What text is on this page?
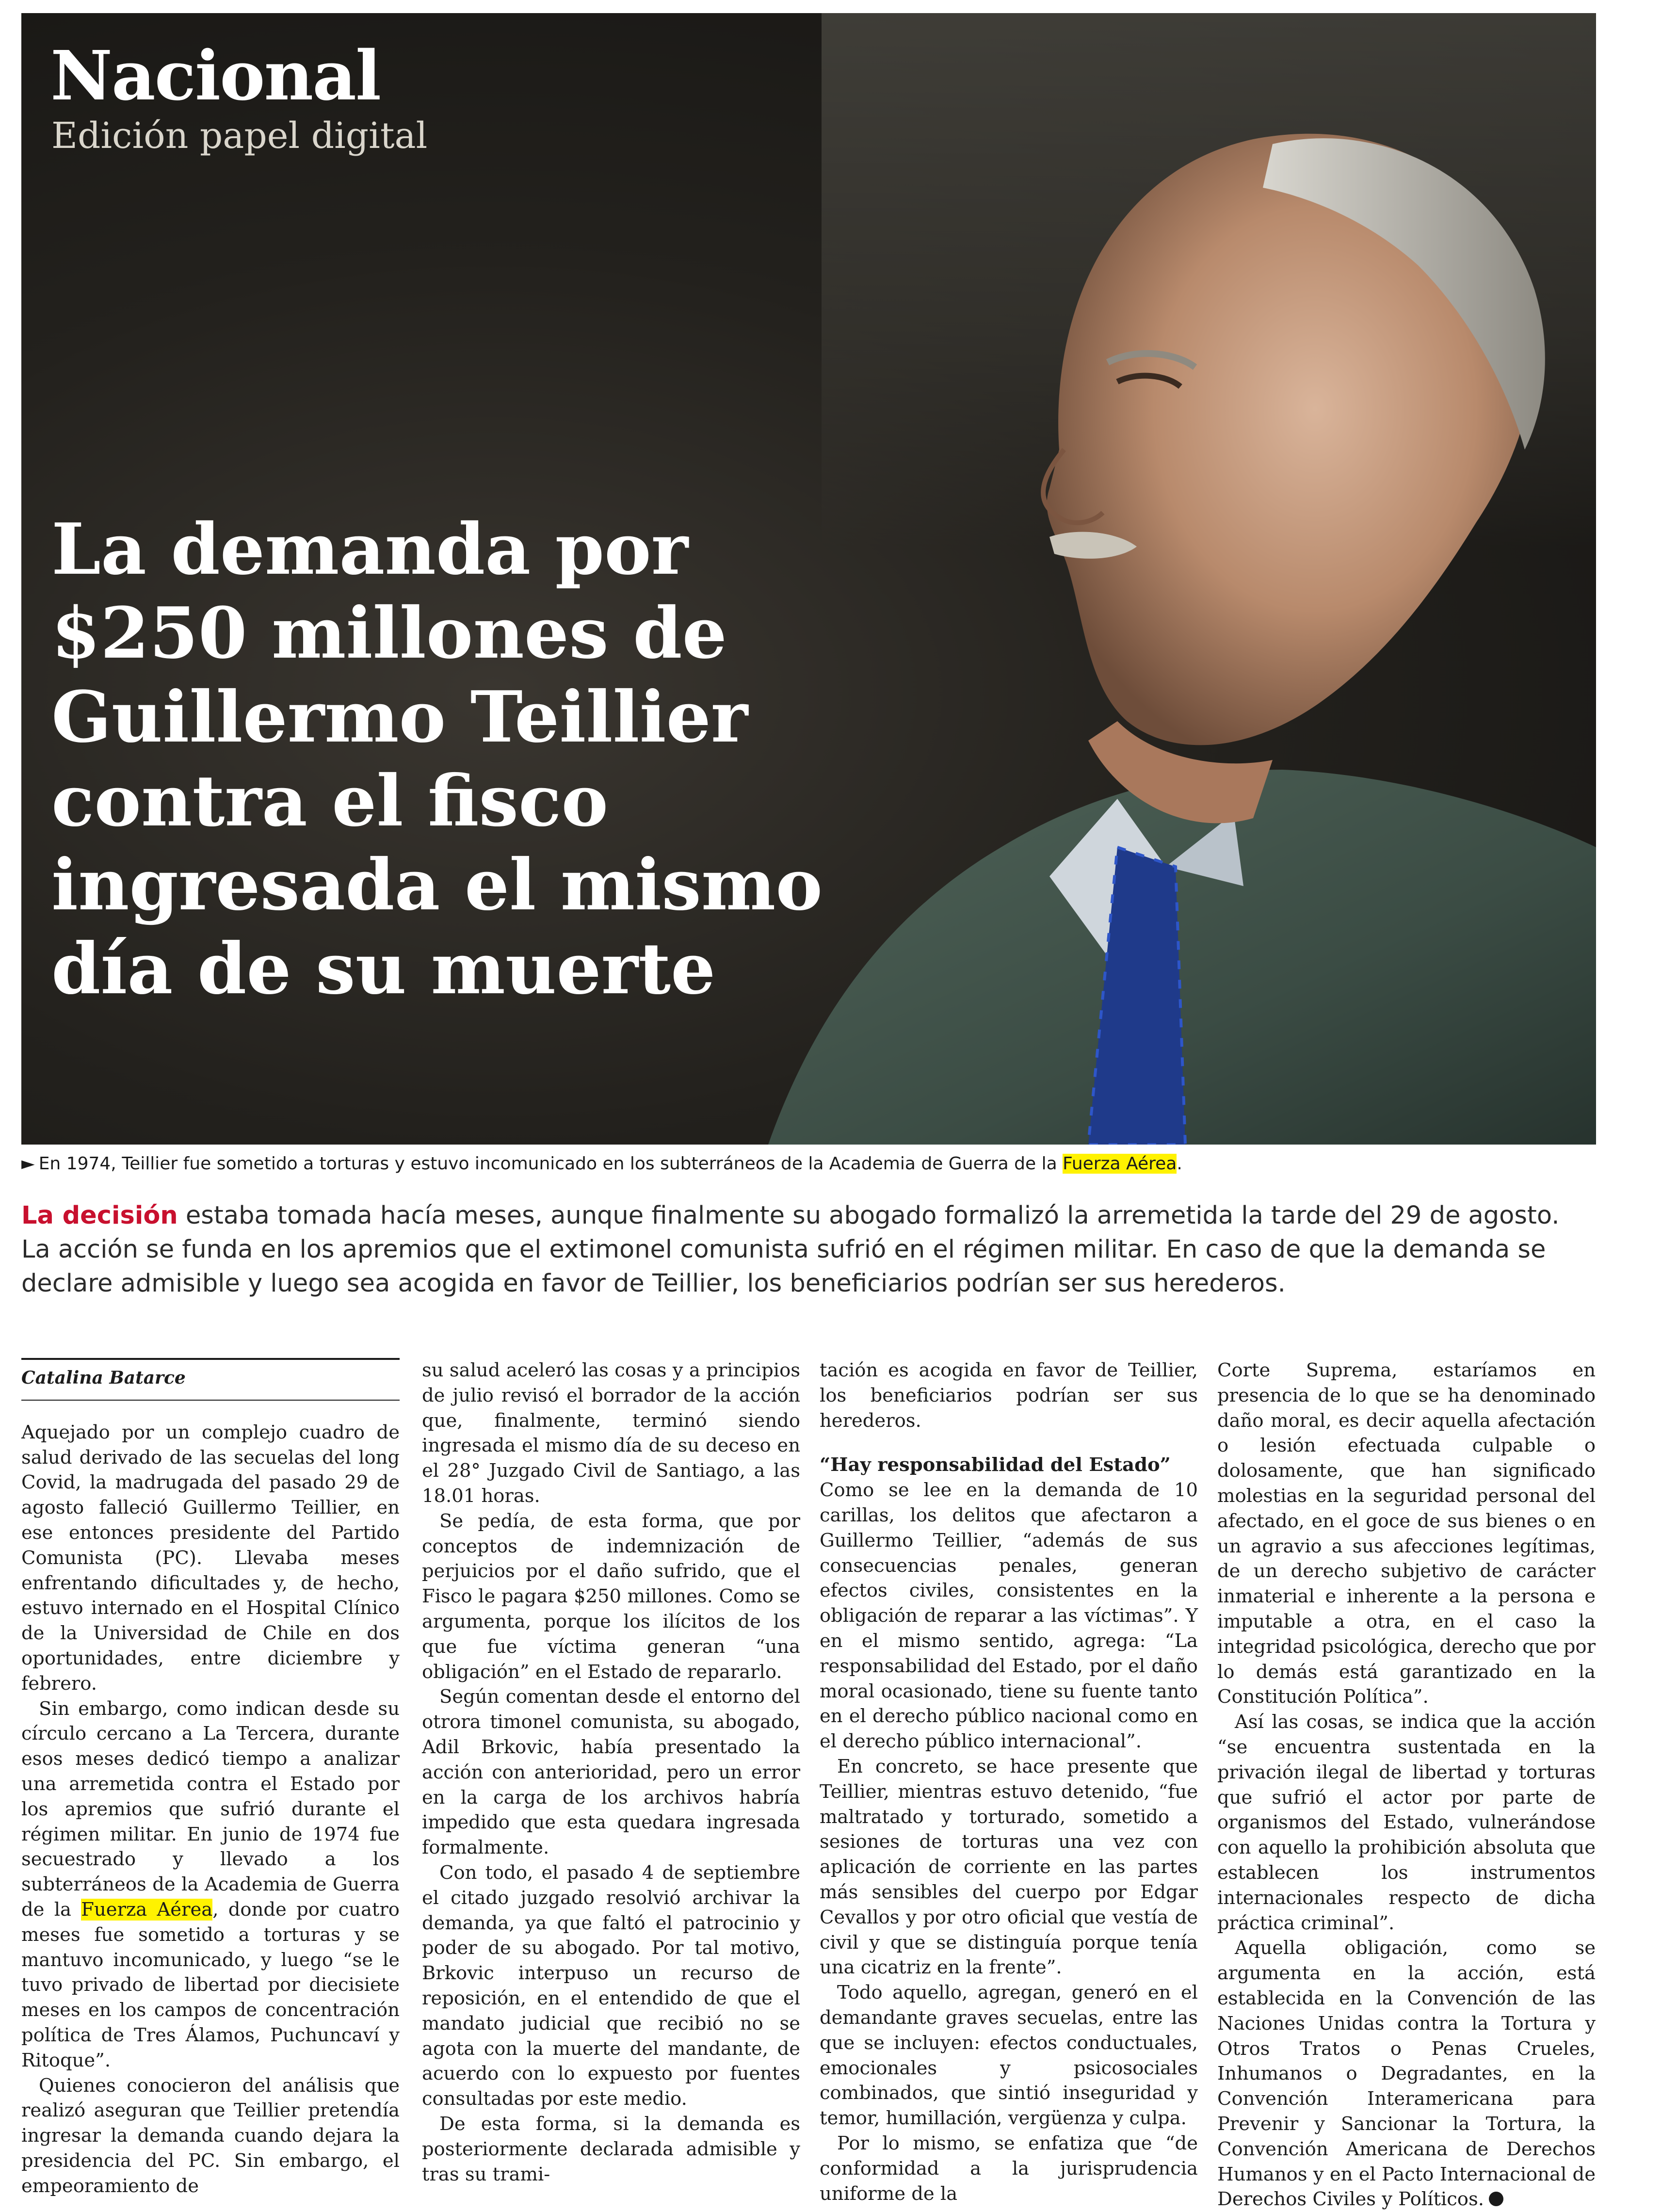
Nacional
Edición papel digital
La demanda por $250 millones de Guillermo Teillier contra el fisco ingresada el mismo día de su muerte
► En 1974, Teillier fue sometido a torturas y estuvo incomunicado en los subterráneos de la Academia de Guerra de la Fuerza Aérea.
La decisión estaba tomada hacía meses, aunque finalmente su abogado formalizó la arremetida la tarde del 29 de agosto. La acción se funda en los apremios que el extimonel comunista sufrió en el régimen militar. En caso de que la demanda se declare admisible y luego sea acogida en favor de Teillier, los beneficiarios podrían ser sus herederos.
Catalina Batarce

Aquejado por un complejo cuadro de salud derivado de las secuelas del long Covid, la madrugada del pasado 29 de agosto falleció Guillermo Teillier, en ese entonces presidente del Partido Comunista (PC). Llevaba meses enfrentando dificultades y, de hecho, estuvo internado en el Hospital Clínico de la Universidad de Chile en dos oportunidades, entre diciembre y febrero.

Sin embargo, como indican desde su círculo cercano a La Tercera, durante esos meses dedicó tiempo a analizar una arremetida contra el Estado por los apremios que sufrió durante el régimen militar. En junio de 1974 fue secuestrado y llevado a los subterráneos de la Academia de Guerra de la Fuerza Aérea, donde por cuatro meses fue sometido a torturas y se mantuvo incomunicado, y luego “se le tuvo privado de libertad por diecisiete meses en los campos de concentración política de Tres Álamos, Puchuncaví y Ritoque”.

Quienes conocieron del análisis que realizó aseguran que Teillier pretendía ingresar la demanda cuando dejara la presidencia del PC. Sin embargo, el empeoramiento de

su salud aceleró las cosas y a principios de julio revisó el borrador de la acción que, finalmente, terminó siendo ingresada el mismo día de su deceso en el 28° Juzgado Civil de Santiago, a las 18.01 horas.

Se pedía, de esta forma, que por conceptos de indemnización de perjuicios por el daño sufrido, que el Fisco le pagara $250 millones. Como se argumenta, porque los ilícitos de los que fue víctima generan “una obligación” en el Estado de repararlo.

Según comentan desde el entorno del otrora timonel comunista, su abogado, Adil Brkovic, había presentado la acción con anterioridad, pero un error en la carga de los archivos habría impedido que esta quedara ingresada formalmente.

Con todo, el pasado 4 de septiembre el citado juzgado resolvió archivar la demanda, ya que faltó el patrocinio y poder de su abogado. Por tal motivo, Brkovic interpuso un recurso de reposición, en el entendido de que el mandato judicial que recibió no se agota con la muerte del mandante, de acuerdo con lo expuesto por fuentes consultadas por este medio.

De esta forma, si la demanda es posteriormente declarada admisible y tras su trami-

tación es acogida en favor de Teillier, los beneficiarios podrían ser sus herederos.

“Hay responsabilidad del Estado”

Como se lee en la demanda de 10 carillas, los delitos que afectaron a Guillermo Teillier, “además de sus consecuencias penales, generan efectos civiles, consistentes en la obligación de reparar a las víctimas”. Y en el mismo sentido, agrega: “La responsabilidad del Estado, por el daño moral ocasionado, tiene su fuente tanto en el derecho público nacional como en el derecho público internacional”.

En concreto, se hace presente que Teillier, mientras estuvo detenido, “fue maltratado y torturado, sometido a sesiones de torturas una vez con aplicación de corriente en las partes más sensibles del cuerpo por Edgar Cevallos y por otro oficial que vestía de civil y que se distinguía porque tenía una cicatriz en la frente”.

Todo aquello, agregan, generó en el demandante graves secuelas, entre las que se incluyen: efectos conductuales, emocionales y psicosociales combinados, que sintió inseguridad y temor, humillación, vergüenza y culpa.

Por lo mismo, se enfatiza que “de conformidad a la jurisprudencia uniforme de la

Corte Suprema, estaríamos en presencia de lo que se ha denominado daño moral, es decir aquella afectación o lesión efectuada culpable o dolosamente, que han significado molestias en la seguridad personal del afectado, en el goce de sus bienes o en un agravio a sus afecciones legítimas, de un derecho subjetivo de carácter inmaterial e inherente a la persona e imputable a otra, en el caso la integridad psicológica, derecho que por lo demás está garantizado en la Constitución Política”.

Así las cosas, se indica que la acción “se encuentra sustentada en la privación ilegal de libertad y torturas que sufrió el actor por parte de organismos del Estado, vulnerándose con aquello la prohibición absoluta que establecen los instrumentos internacionales respecto de dicha práctica criminal”.

Aquella obligación, como se argumenta en la acción, está establecida en la Convención de las Naciones Unidas contra la Tortura y Otros Tratos o Penas Crueles, Inhumanos o Degradantes, en la Convención Interamericana para Prevenir y Sancionar la Tortura, la Convención Americana de Derechos Humanos y en el Pacto Internacional de Derechos Civiles y Políticos.
